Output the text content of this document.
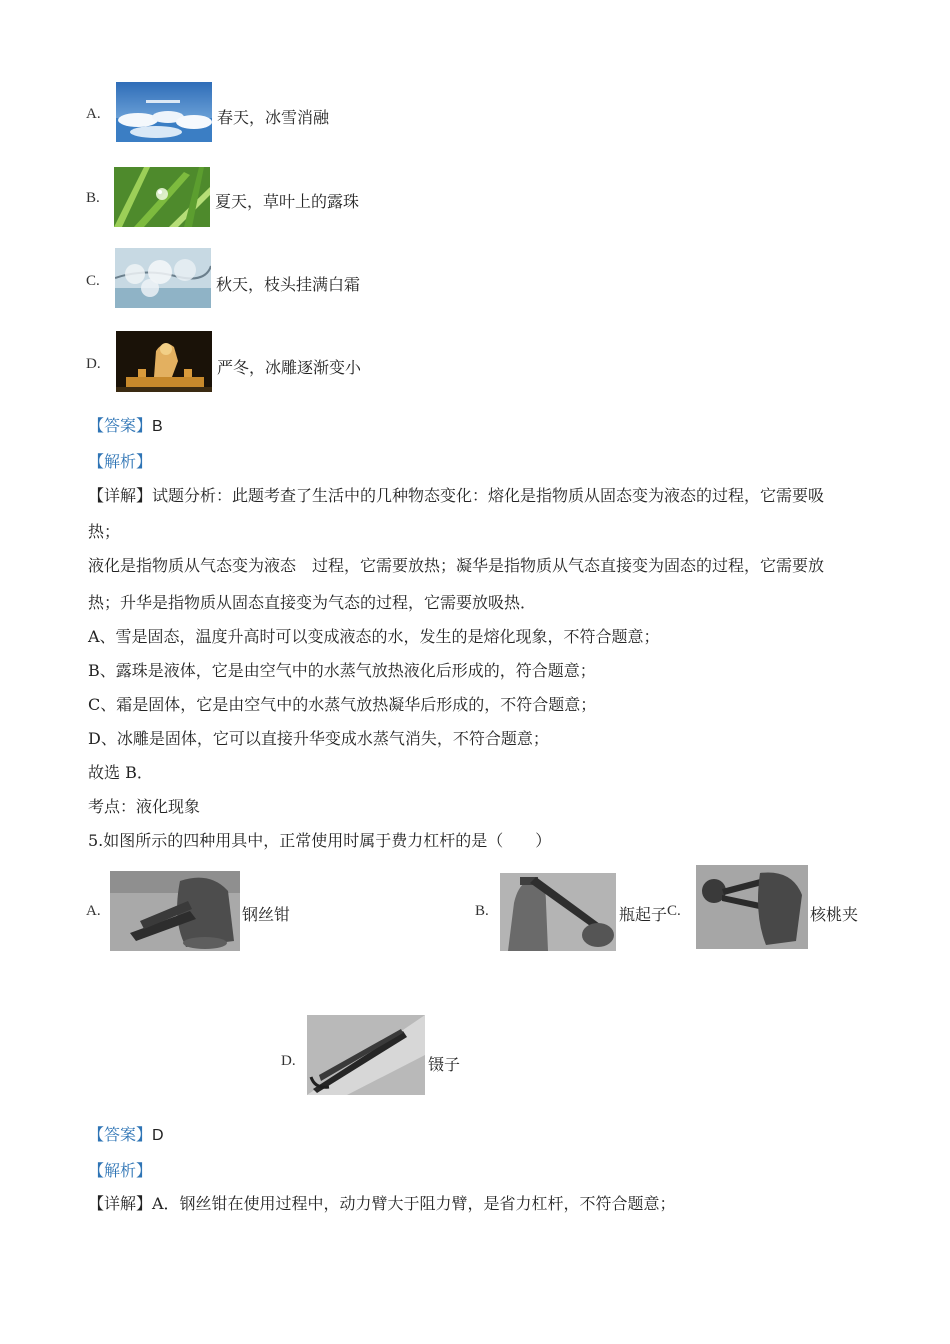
A.	春天，冰雪消融
B.	夏天，草叶上的露珠
C.	秋天，枝头挂满白霜
D.	严冬，冰雕逐渐变小
【答案】B
【解析】
【详解】试题分析：此题考查了生活中的几种物态变化：熔化是指物质从固态变为液态的过程，它需要吸
热；
液化是指物质从气态变为液态　过程，它需要放热；凝华是指物质从气态直接变为固态的过程，它需要放
热；升华是指物质从固态直接变为气态的过程，它需要放吸热．
A、雪是固态，温度升高时可以变成液态的水，发生的是熔化现象，不符合题意；
B、露珠是液体，它是由空气中的水蒸气放热液化后形成的，符合题意；
C、霜是固体，它是由空气中的水蒸气放热凝华后形成的，不符合题意；
D、冰雕是固体，它可以直接升华变成水蒸气消失，不符合题意；
故选 B．
考点：液化现象
5.如图所示的四种用具中，正常使用时属于费力杠杆的是（　　）
A.	钢丝钳	B.	瓶起子 C.	核桃夹
D.	镊子
【答案】D
【解析】
【详解】A．钢丝钳在使用过程中，动力臂大于阻力臂，是省力杠杆，不符合题意；
